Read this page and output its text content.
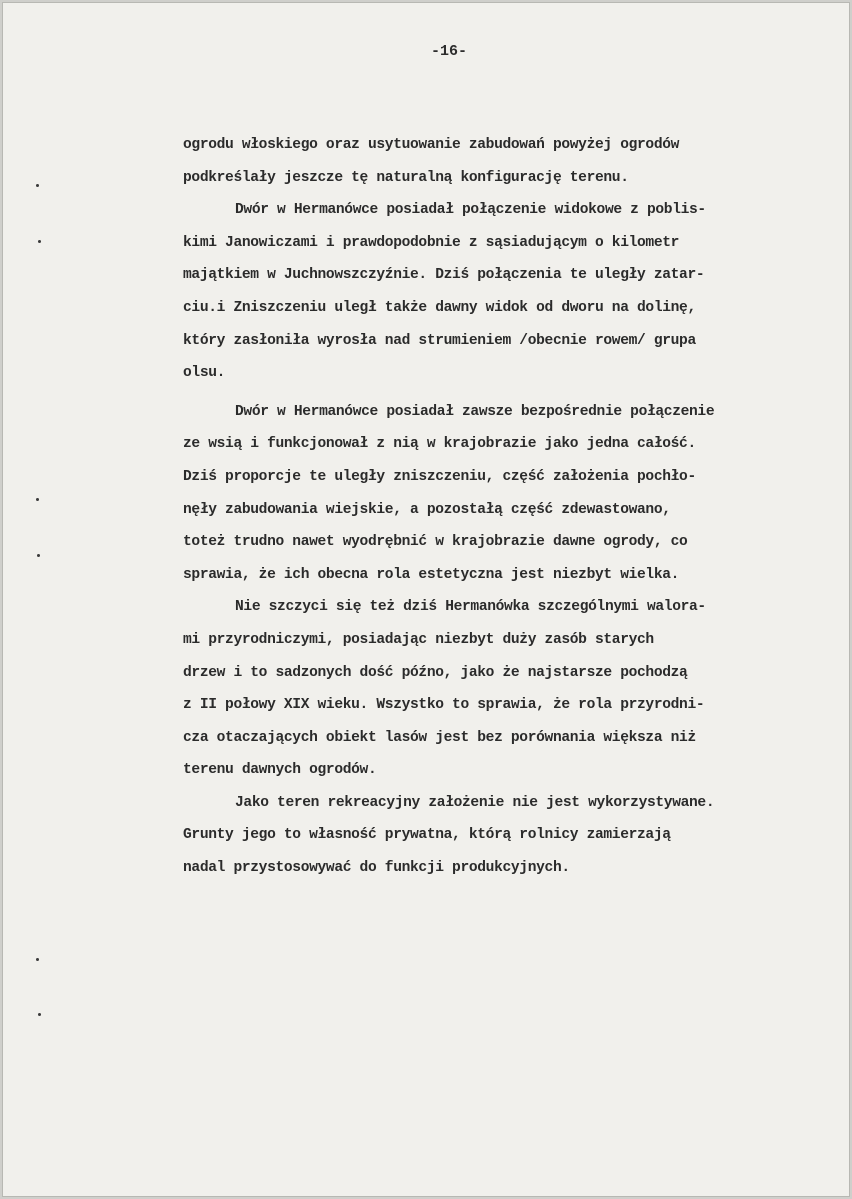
-16-
ogrodu włoskiego oraz usytuowanie zabudowań powyżej ogrodów
podkreślały jeszcze tę naturalną konfigurację terenu.
Dwór w Hermanówce posiadał połączenie widokowe z poblis-
kimi Janowiczami i prawdopodobnie z sąsiadującym o kilometr
majątkiem w Juchnowszczyźnie. Dziś połączenia te uległy zatar-
ciu.i Zniszczeniu uległ także dawny widok od dworu na dolinę,
który zasłoniła wyrosła nad strumieniem /obecnie rowem/ grupa
olsu.
Dwór w Hermanówce posiadał zawsze bezpośrednie połączenie
ze wsią i funkcjonował z nią w krajobrazie jako jedna całość.
Dziś proporcje te uległy zniszczeniu, część założenia pochło-
nęły zabudowania wiejskie, a pozostałą część zdewastowano,
toteż trudno nawet wyodrębnić w krajobrazie dawne ogrody, co
sprawia, że ich obecna rola estetyczna jest niezbyt wielka.
Nie szczyci się też dziś Hermanówka szczególnymi walora-
mi przyrodniczymi, posiadając niezbyt duży zasób starych
drzew i to sadzonych dość późno, jako że najstarsze pochodzą
z II połowy XIX wieku. Wszystko to sprawia, że rola przyrodni-
cza otaczających obiekt lasów jest bez porównania większa niż
terenu dawnych ogrodów.
Jako teren rekreacyjny założenie nie jest wykorzystywane.
Grunty jego to własność prywatna, którą rolnicy zamierzają
nadal przystosowywać do funkcji produkcyjnych.
